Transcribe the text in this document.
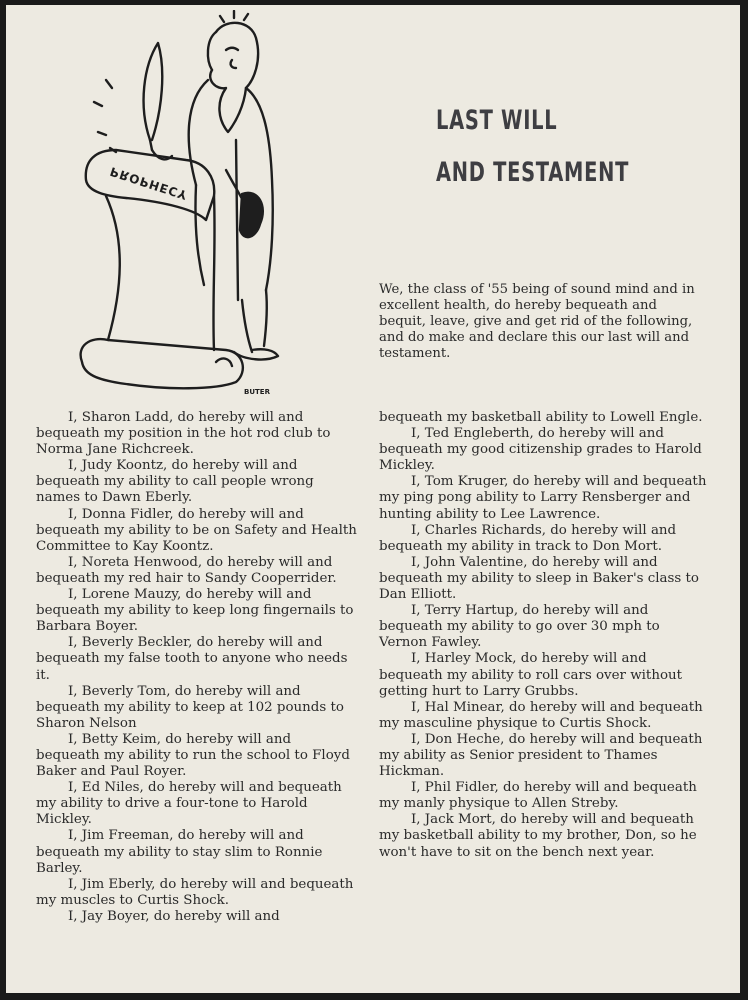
PROPHECY
BUTER
LAST WILL
AND TESTAMENT

We, the class of '55 being of sound mind and in excellent health, do hereby bequeath and bequit, leave, give and get rid of the following, and do make and declare this our last will and testament.

I, Sharon Ladd, do hereby will and bequeath my position in the hot rod club to Norma Jane Richcreek.

I, Judy Koontz, do hereby will and bequeath my ability to call people wrong names to Dawn Eberly.

I, Donna Fidler, do hereby will and bequeath my ability to be on Safety and Health Committee to Kay Koontz.

I, Noreta Henwood, do hereby will and bequeath my red hair to Sandy Cooperrider.

I, Lorene Mauzy, do hereby will and bequeath my ability to keep long fingernails to Barbara Boyer.

I, Beverly Beckler, do hereby will and bequeath my false tooth to anyone who needs it.

I, Beverly Tom, do hereby will and bequeath my ability to keep at 102 pounds to Sharon Nelson

I, Betty Keim, do hereby will and bequeath my ability to run the school to Floyd Baker and Paul Royer.

I, Ed Niles, do hereby will and bequeath my ability to drive a four-tone to Harold Mickley.

I, Jim Freeman, do hereby will and bequeath my ability to stay slim to Ronnie Barley.

I, Jim Eberly, do hereby will and bequeath my muscles to Curtis Shock.

I, Jay Boyer, do hereby will and

bequeath my basketball ability to Lowell Engle.

I, Ted Engleberth, do hereby will and bequeath my good citizenship grades to Harold Mickley.

I, Tom Kruger, do hereby will and bequeath my ping pong ability to Larry Rensberger and hunting ability to Lee Lawrence.

I, Charles Richards, do hereby will and bequeath my ability in track to Don Mort.

I, John Valentine, do hereby will and bequeath my ability to sleep in Baker's class to Dan Elliott.

I, Terry Hartup, do hereby will and bequeath my ability to go over 30 mph to Vernon Fawley.

I, Harley Mock, do hereby will and bequeath my ability to roll cars over without getting hurt to Larry Grubbs.

I, Hal Minear, do hereby will and bequeath my masculine physique to Curtis Shock.

I, Don Heche, do hereby will and bequeath my ability as Senior president to Thames Hickman.

I, Phil Fidler, do hereby will and bequeath my manly physique to Allen Streby.

I, Jack Mort, do hereby will and bequeath my basketball ability to my brother, Don, so he won't have to sit on the bench next year.
